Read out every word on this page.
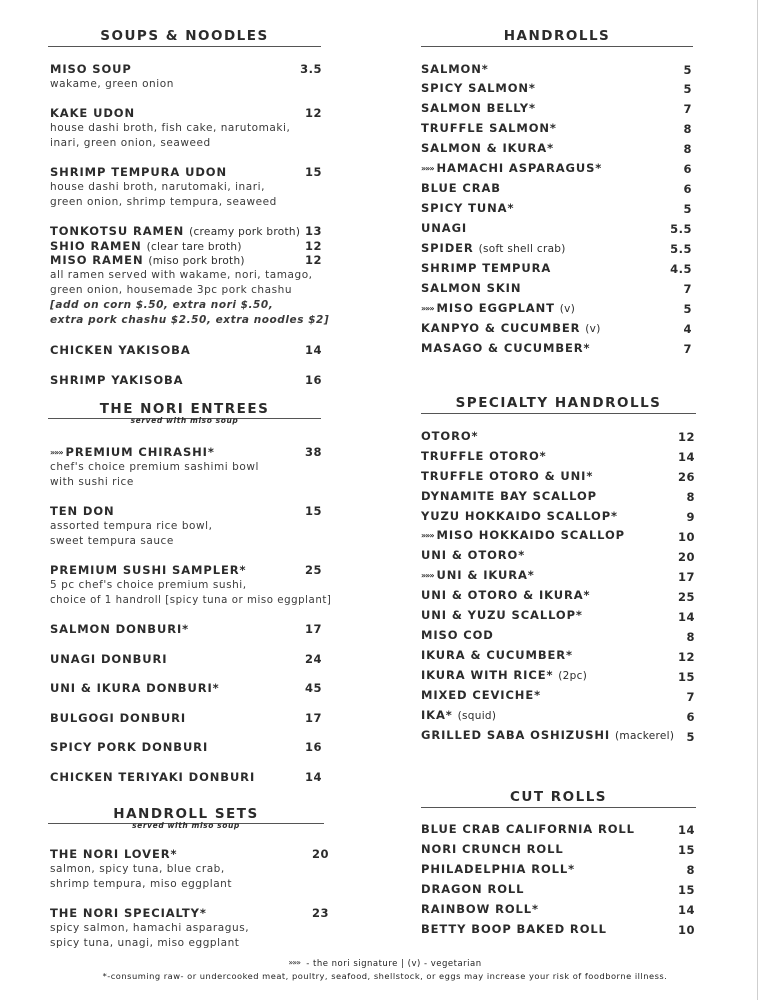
SOUPS & NOODLES
MISO SOUP	3.5
wakame, green onion
KAKE UDON	12
house dashi broth, fish cake, narutomaki,
inari, green onion, seaweed
SHRIMP TEMPURA UDON	15
house dashi broth, narutomaki, inari,
green onion, shrimp tempura, seaweed
TONKOTSU RAMEN (creamy pork broth) 13
SHIO RAMEN (clear tare broth)	12
MISO RAMEN (miso pork broth)	12
all ramen served with wakame, nori, tamago,
green onion, housemade 3pc pork chashu
[add on corn $.50, extra nori $.50,
extra pork chashu $2.50, extra noodles $2]
CHICKEN YAKISOBA	14
SHRIMP YAKISOBA	16
THE NORI ENTREES
served with miso soup
»»» PREMIUM CHIRASHI*	38
chef's choice premium sashimi bowl
with sushi rice
TEN DON	15
assorted tempura rice bowl,
sweet tempura sauce
PREMIUM SUSHI SAMPLER*	25
5 pc chef's choice premium sushi,
choice of 1 handroll [spicy tuna or miso eggplant]
SALMON DONBURI*	17
UNAGI DONBURI	24
UNI & IKURA DONBURI*	45
BULGOGI DONBURI	17
SPICY PORK DONBURI	16
CHICKEN TERIYAKI DONBURI	14
HANDROLL SETS
served with miso soup
THE NORI LOVER*	20
salmon, spicy tuna, blue crab,
shrimp tempura, miso eggplant
THE NORI SPECIALTY*	23
spicy salmon, hamachi asparagus,
spicy tuna, unagi, miso eggplant
HANDROLLS
SALMON*	5
SPICY SALMON*	5
SALMON BELLY*	7
TRUFFLE SALMON*	8
SALMON & IKURA*	8
»»» HAMACHI ASPARAGUS*	6
BLUE CRAB	6
SPICY TUNA*	5
UNAGI	5.5
SPIDER (soft shell crab)	5.5
SHRIMP TEMPURA	4.5
SALMON SKIN	7
»»» MISO EGGPLANT (v)	5
KANPYO & CUCUMBER (v)	4
MASAGO & CUCUMBER*	7
SPECIALTY HANDROLLS
OTORO*	12
TRUFFLE OTORO*	14
TRUFFLE OTORO & UNI*	26
DYNAMITE BAY SCALLOP	8
YUZU HOKKAIDO SCALLOP*	9
»»» MISO HOKKAIDO SCALLOP	10
UNI & OTORO*	20
»»» UNI & IKURA*	17
UNI & OTORO & IKURA*	25
UNI & YUZU SCALLOP*	14
MISO COD	8
IKURA & CUCUMBER*	12
IKURA WITH RICE* (2pc)	15
MIXED CEVICHE*	7
IKA* (squid)	6
GRILLED SABA OSHIZUSHI (mackerel)	5
CUT ROLLS
BLUE CRAB CALIFORNIA ROLL	14
NORI CRUNCH ROLL	15
PHILADELPHIA ROLL*	8
DRAGON ROLL	15
RAINBOW ROLL*	14
BETTY BOOP BAKED ROLL	10
»»» - the nori signature | (v) - vegetarian
*-consuming raw- or undercooked meat, poultry, seafood, shellstock, or eggs may increase your risk of foodborne illness.
